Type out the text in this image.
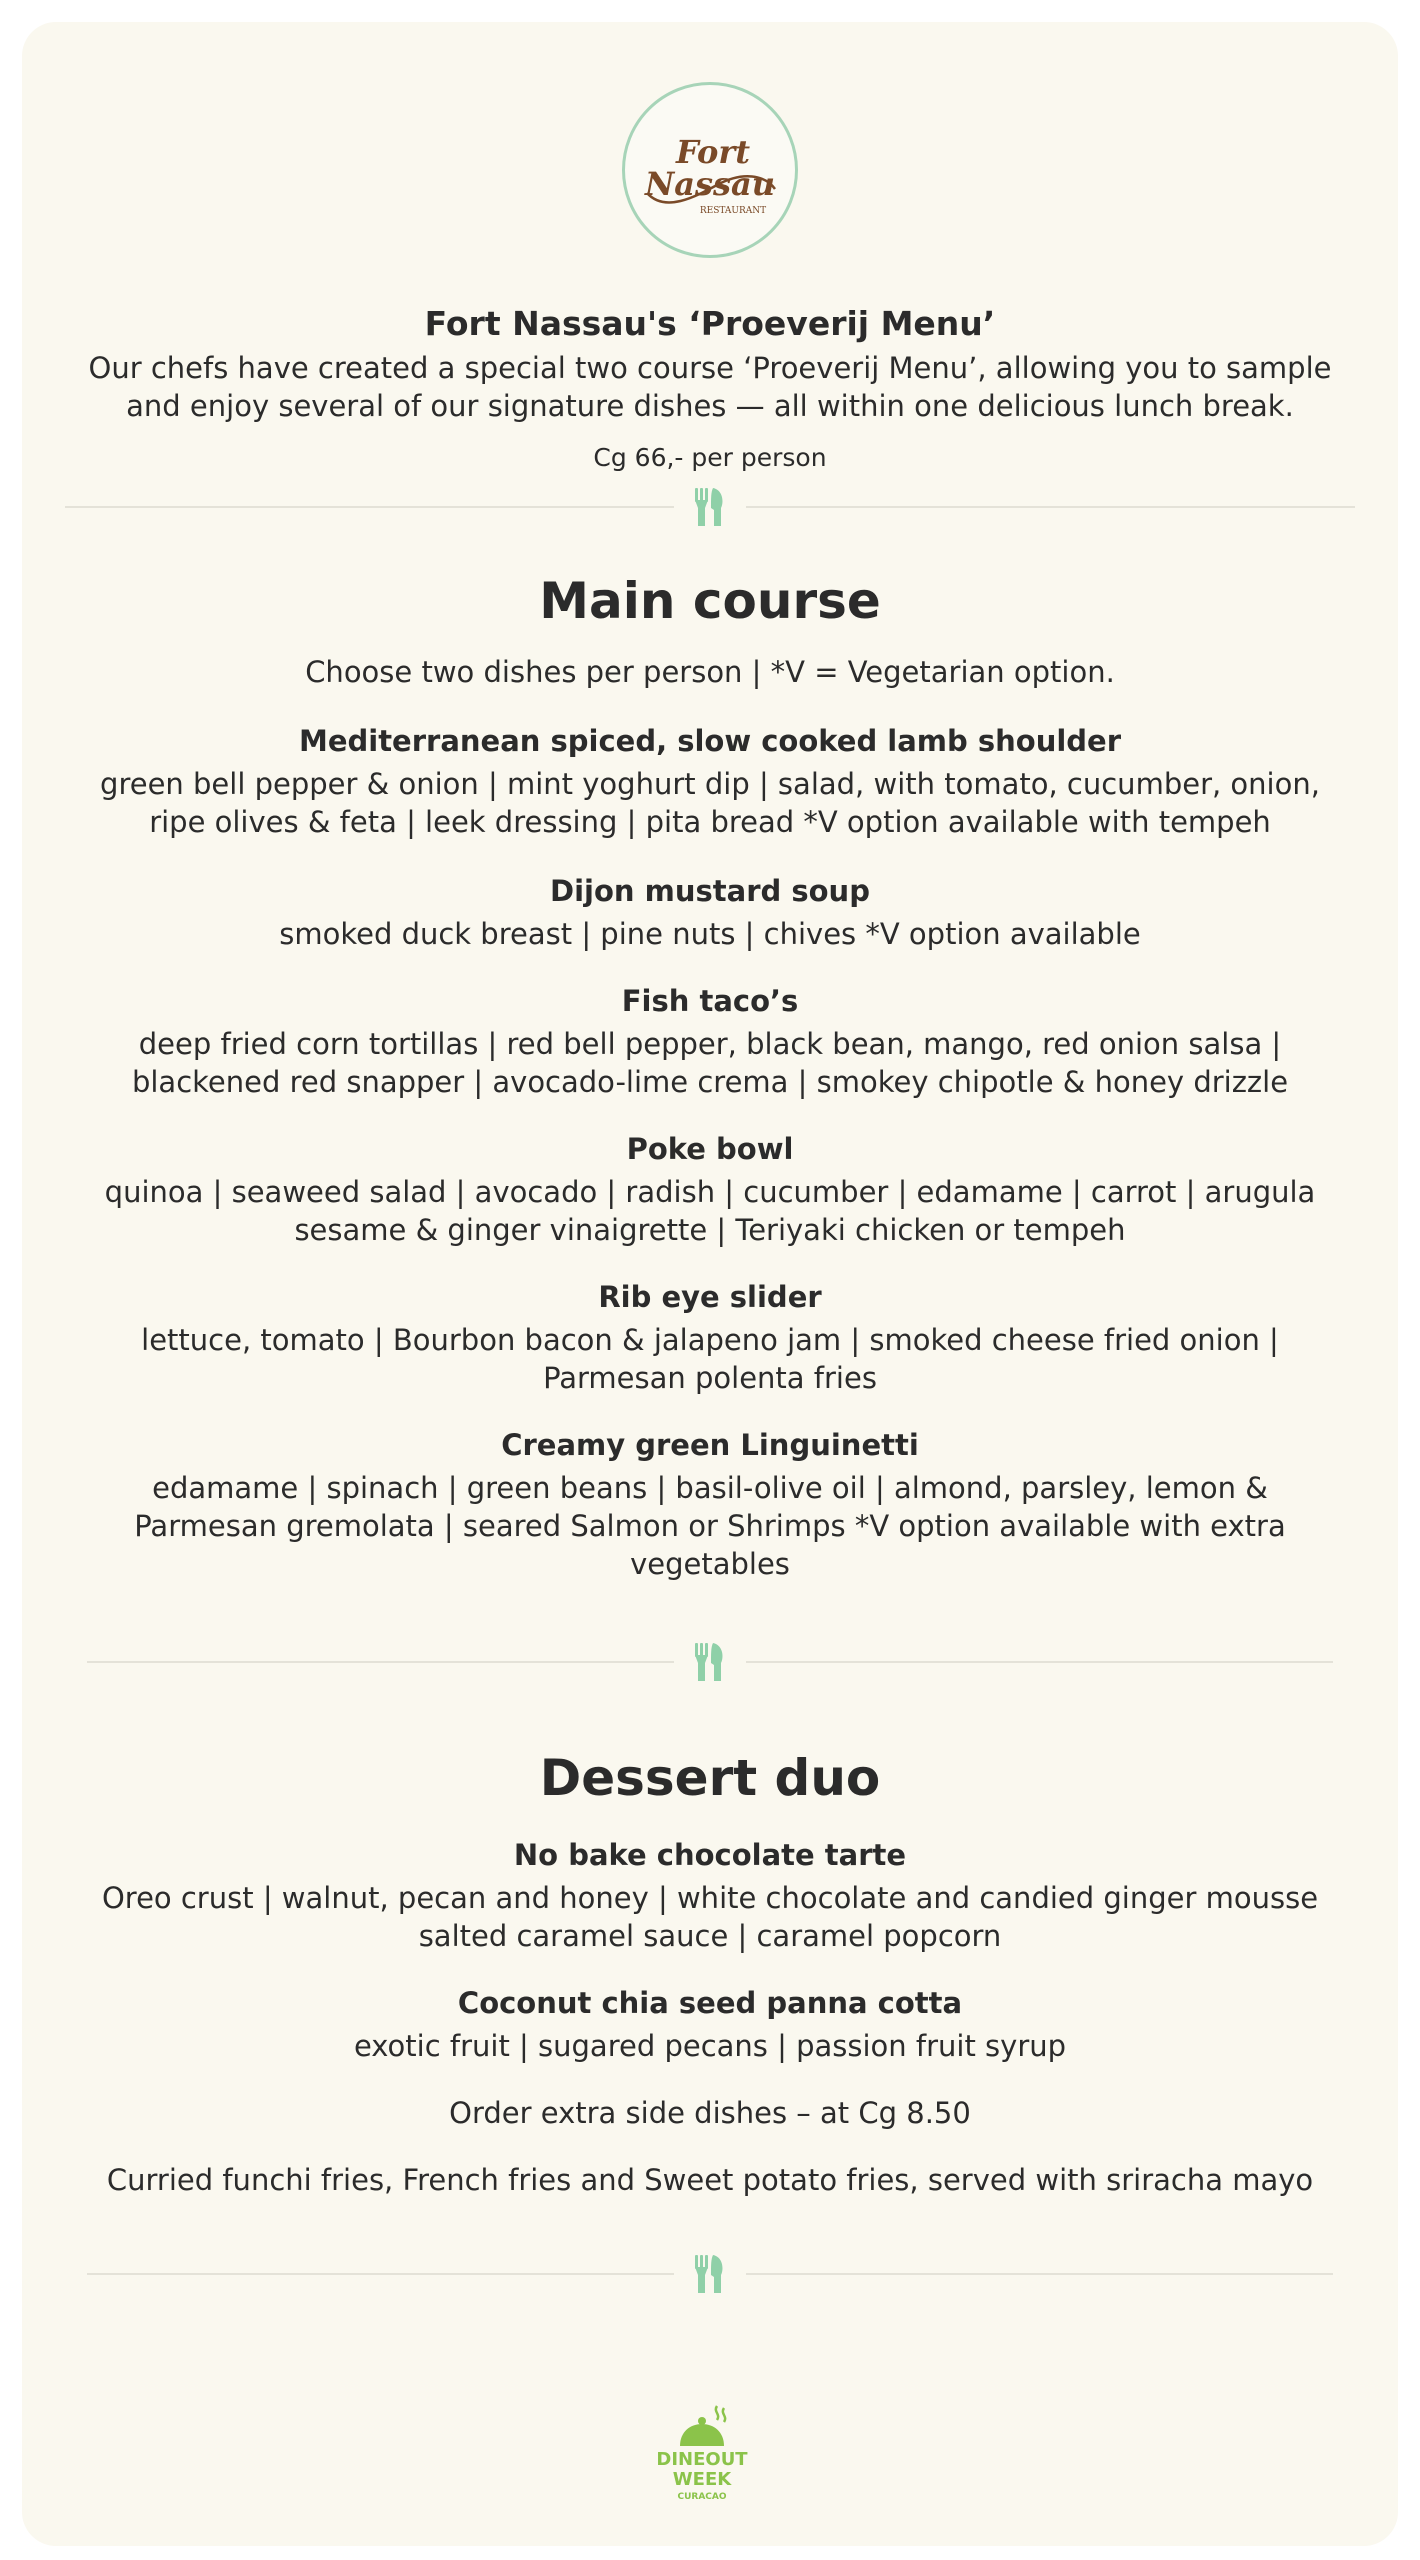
Fort
Nassau
RESTAURANT
Fort Nassau's ‘Proeverij Menu’

Our chefs have created a special two course ‘Proeverij Menu’, allowing you to sample and enjoy several of our signature dishes — all within one delicious lunch break.

Cg 66,- per person

Main course

Choose two dishes per person | *V = Vegetarian option.

Mediterranean spiced, slow cooked lamb shoulder

green bell pepper & onion | mint yoghurt dip | salad, with tomato, cucumber, onion, ripe olives & feta | leek dressing | pita bread *V option available with tempeh

Dijon mustard soup

smoked duck breast | pine nuts | chives *V option available

Fish taco’s

deep fried corn tortillas | red bell pepper, black bean, mango, red onion salsa | blackened red snapper | avocado-lime crema | smokey chipotle & honey drizzle

Poke bowl

quinoa | seaweed salad | avocado | radish | cucumber | edamame | carrot | arugula sesame & ginger vinaigrette | Teriyaki chicken or tempeh

Rib eye slider

lettuce, tomato | Bourbon bacon & jalapeno jam | smoked cheese fried onion | Parmesan polenta fries

Creamy green Linguinetti

edamame | spinach | green beans | basil-olive oil | almond, parsley, lemon & Parmesan gremolata | seared Salmon or Shrimps *V option available with extra vegetables

Dessert duo

No bake chocolate tarte

Oreo crust | walnut, pecan and honey | white chocolate and candied ginger mousse salted caramel sauce | caramel popcorn

Coconut chia seed panna cotta

exotic fruit | sugared pecans | passion fruit syrup

Order extra side dishes – at Cg 8.50

Curried funchi fries, French fries and Sweet potato fries, served with sriracha mayo

DINEOUT
WEEK
CURACAO
